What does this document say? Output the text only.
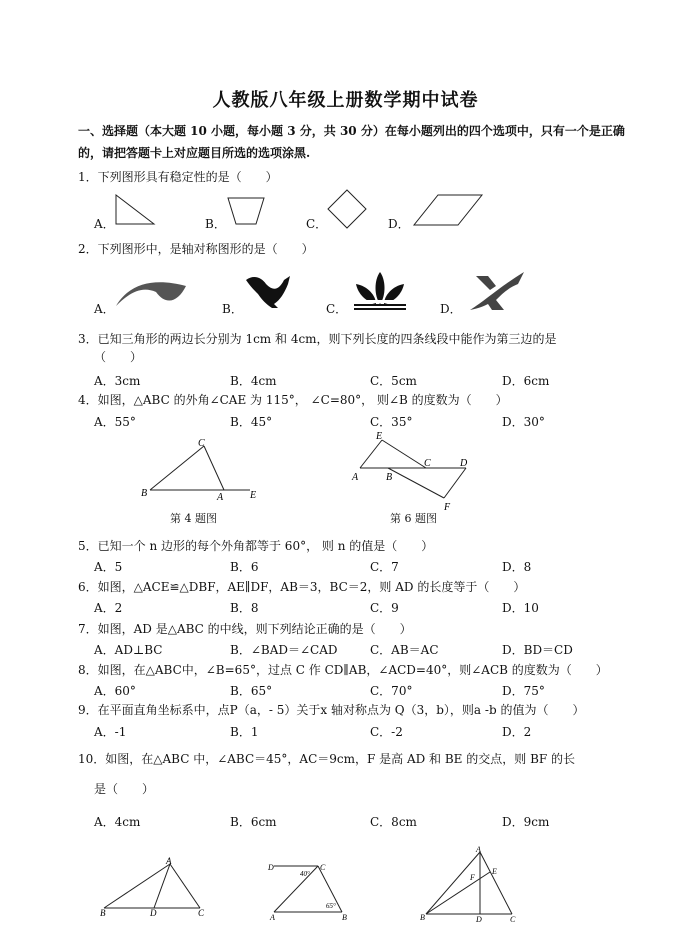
人教版八年级上册数学期中试卷
一、选择题（本大题 10 小题，每小题 3 分，共 30 分）在每小题列出的四个选项中，只有一个是正确的，请把答题卡上对应题目所选的选项涂黑.
1．下列图形具有稳定性的是（　　）
A．	B．	C．	D．
2．下列图形中，是轴对称图形的是（　　）
A．	B．	C．	D．
3．已知三角形的两边长分别为 1cm 和 4cm，则下列长度的四条线段中能作为第三边的是
（　　）
A．3cm	B．4cm	C．5cm	D．6cm
4．如图，△ABC 的外角∠CAE 为 115°， ∠C=80°， 则∠B 的度数为（　　）
A．55°	B．45°	C．35°	D．30°
C
B	A	E
第 4 题图
E
C	D
A	B
F
第 6 题图
5．已知一个 n 边形的每个外角都等于 60°， 则 n 的值是（　　）
A．5	B．6	C．7	D．8
6．如图，△ACE≌△DBF，AE∥DF，AB＝3，BC＝2，则 AD 的长度等于（　　）
A．2	B．8	C．9	D．10
7．如图，AD 是△ABC 的中线，则下列结论正确的是（　　）
A．AD⊥BC	B．∠BAD＝∠CAD	C．AB＝AC	D．BD＝CD
8．如图，在△ABC中，∠B=65°，过点 C 作 CD∥AB，∠ACD=40°，则∠ACB 的度数为（　　）
A．60°	B．65°	C．70°	D．75°
9．在平面直角坐标系中，点P（a，- 5）关于x 轴对称点为 Q（3，b），则a -b 的值为（　　）
A．-1	B．1	C．-2	D．2
10．如图，在△ABC 中，∠ABC＝45°，AC＝9cm，F 是高 AD 和 BE 的交点，则 BF 的长
是（　　）
A．4cm	B．6cm	C．8cm	D．9cm
A
B	D	C
D	C
40°
65°
A	B
A
F
E
B	D	C
